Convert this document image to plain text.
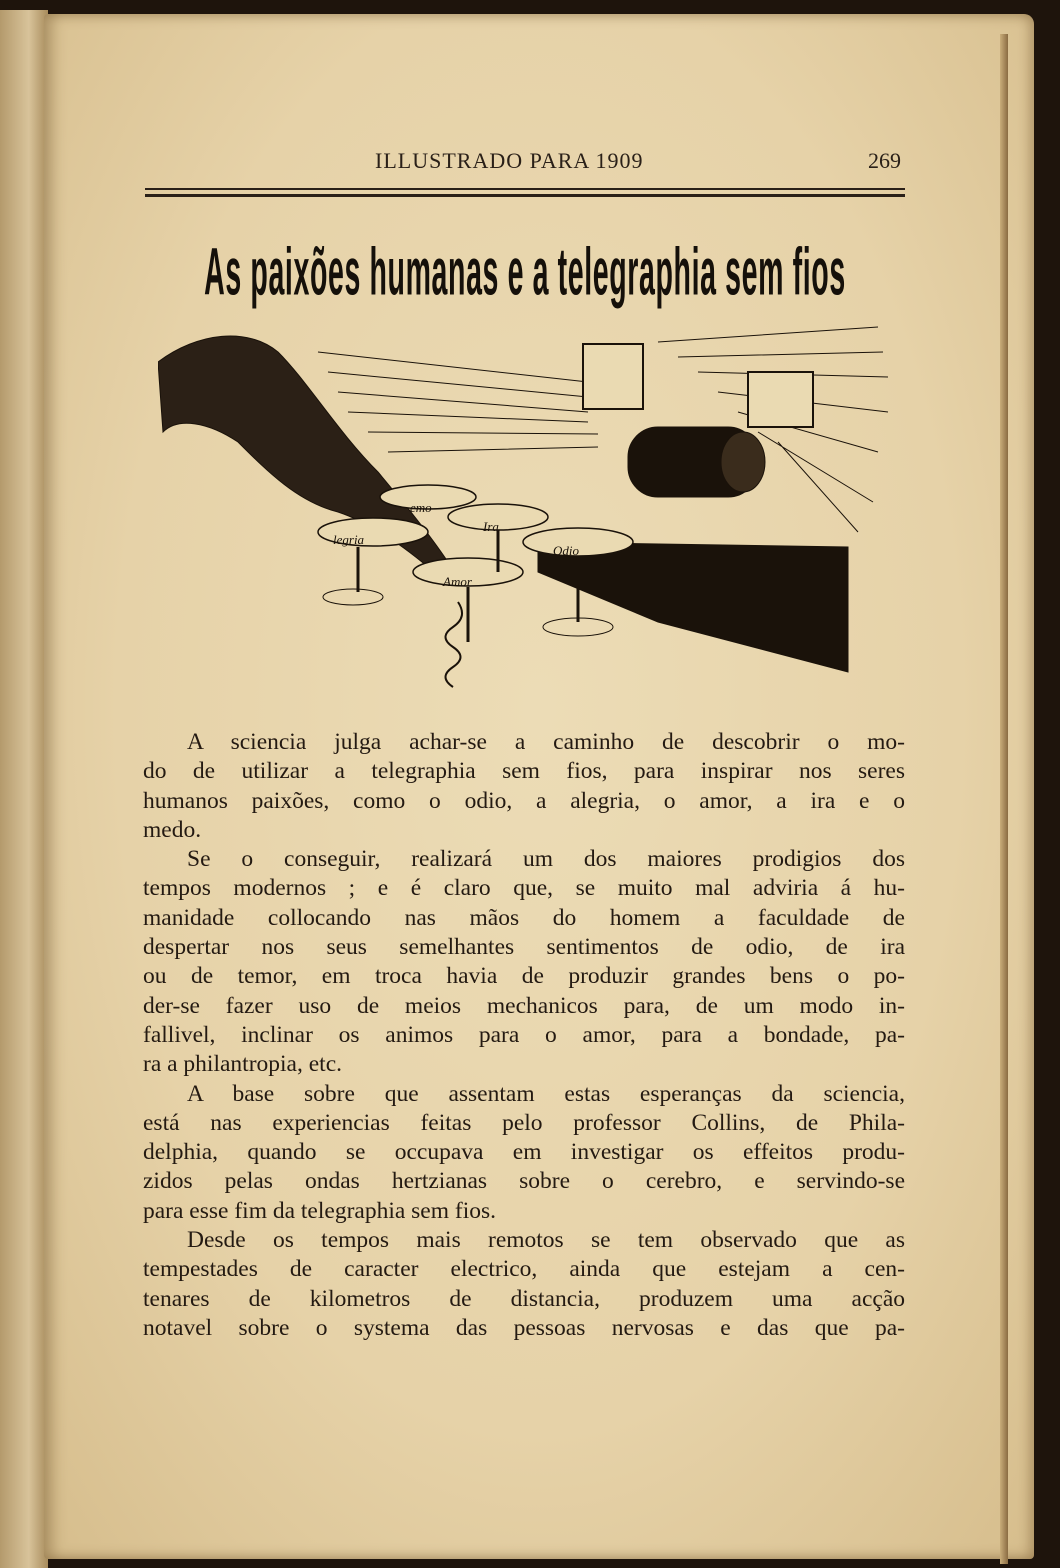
ILLUSTRADO PARA 1909	269
As paixões humanas e a telegraphia sem fios
emo
legria
Ira
Odio
Amor
A sciencia julga achar-se a caminho de descobrir o mo-
do de utilizar a telegraphia sem fios, para inspirar nos seres
humanos paixões, como o odio, a alegria, o amor, a ira e o
medo.
Se o conseguir, realizará um dos maiores prodigios dos
tempos modernos ; e é claro que, se muito mal adviria á hu-
manidade collocando nas mãos do homem a faculdade de
despertar nos seus semelhantes sentimentos de odio, de ira
ou de temor, em troca havia de produzir grandes bens o po-
der-se fazer uso de meios mechanicos para, de um modo in-
fallivel, inclinar os animos para o amor, para a bondade, pa-
ra a philantropia, etc.
A base sobre que assentam estas esperanças da sciencia,
está nas experiencias feitas pelo professor Collins, de Phila-
delphia, quando se occupava em investigar os effeitos produ-
zidos pelas ondas hertzianas sobre o cerebro, e servindo-se
para esse fim da telegraphia sem fios.
Desde os tempos mais remotos se tem observado que as
tempestades de caracter electrico, ainda que estejam a cen-
tenares de kilometros de distancia, produzem uma acção
notavel sobre o systema das pessoas nervosas e das que pa-
